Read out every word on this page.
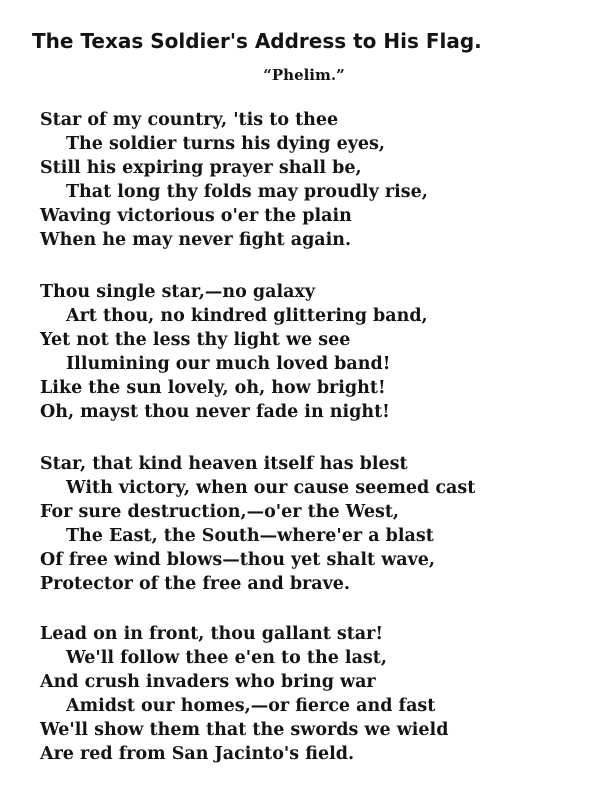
The Texas Soldier's Address to His Flag.
“Phelim.”
Star of my country, 'tis to thee
The soldier turns his dying eyes,
Still his expiring prayer shall be,
That long thy folds may proudly rise,
Waving victorious o'er the plain
When he may never fight again.
Thou single star,—no galaxy
Art thou, no kindred glittering band,
Yet not the less thy light we see
Illumining our much loved band!
Like the sun lovely, oh, how bright!
Oh, mayst thou never fade in night!
Star, that kind heaven itself has blest
With victory, when our cause seemed cast
For sure destruction,—o'er the West,
The East, the South—where'er a blast
Of free wind blows—thou yet shalt wave,
Protector of the free and brave.
Lead on in front, thou gallant star!
We'll follow thee e'en to the last,
And crush invaders who bring war
Amidst our homes,—or fierce and fast
We'll show them that the swords we wield
Are red from San Jacinto's field.
